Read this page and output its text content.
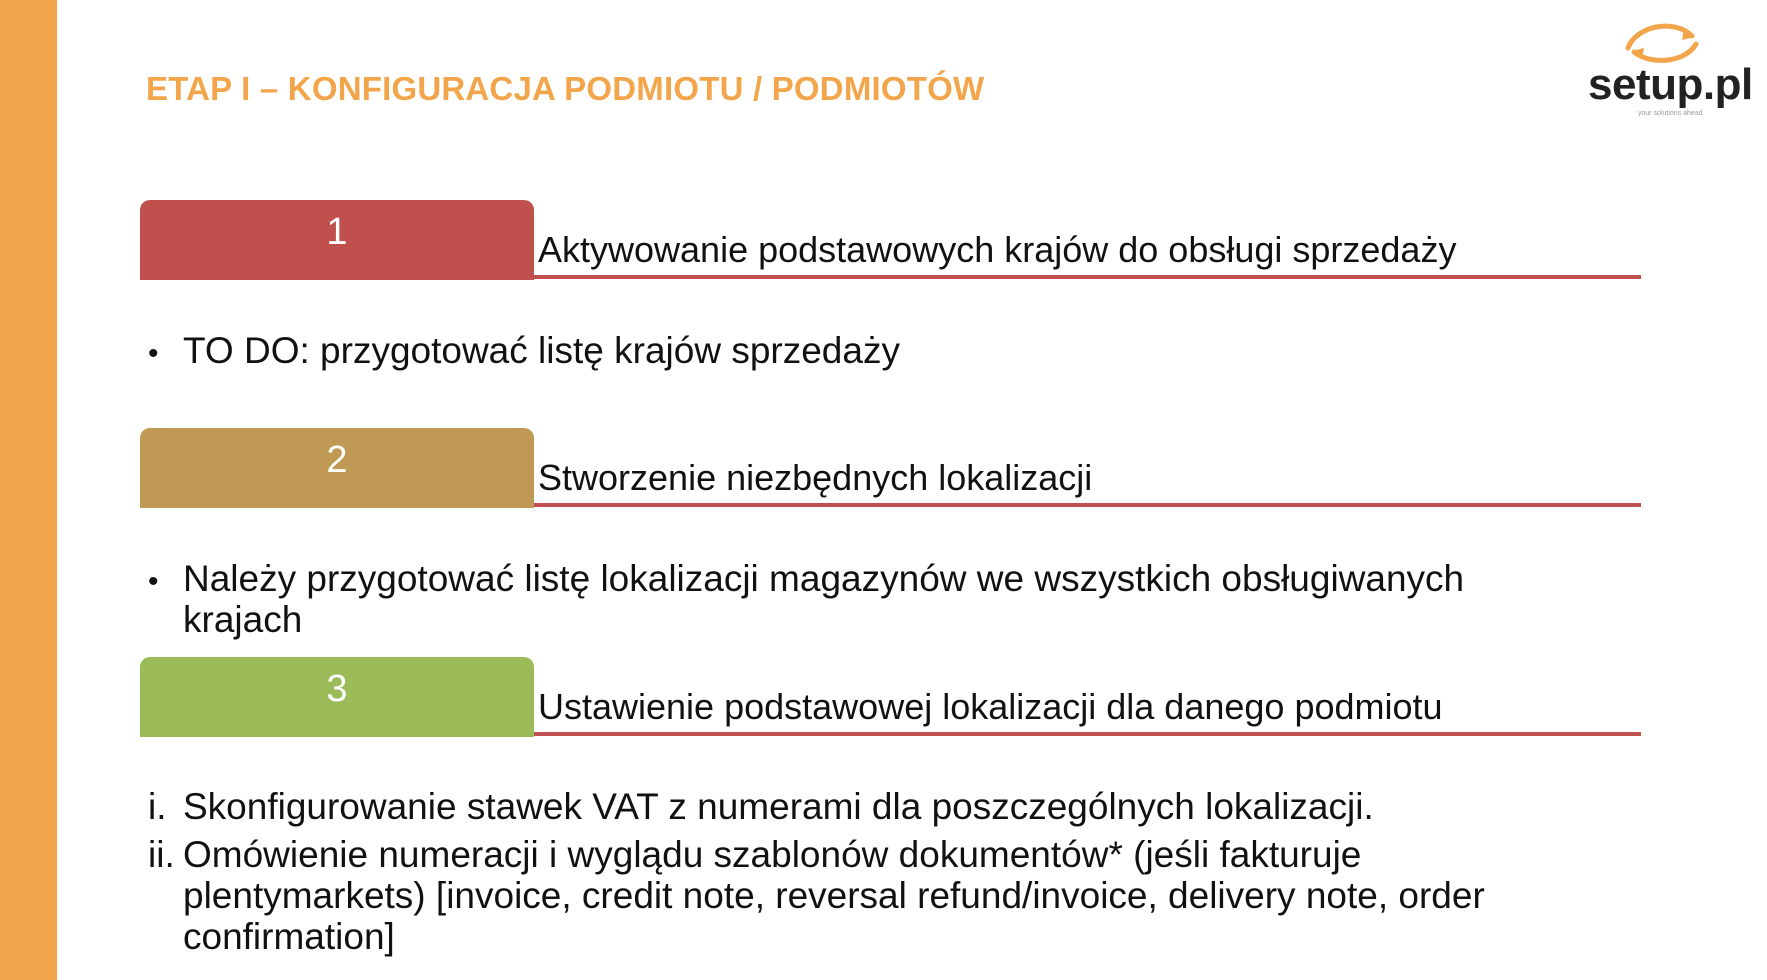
ETAP I – KONFIGURACJA PODMIOTU / PODMIOTÓW	setup.pl
your solutions ahead
1	Aktywowanie podstawowych krajów do obsługi sprzedaży
• TO DO: przygotować listę krajów sprzedaży
2	Stworzenie niezbędnych lokalizacji
• Należy przygotować listę lokalizacji magazynów we wszystkich obsługiwanych
krajach
3	Ustawienie podstawowej lokalizacji dla danego podmiotu
i. Skonfigurowanie stawek VAT z numerami dla poszczególnych lokalizacji.
ii. Omówienie numeracji i wyglądu szablonów dokumentów* (jeśli fakturuje
plentymarkets) [invoice, credit note, reversal refund/invoice, delivery note, order
confirmation]
